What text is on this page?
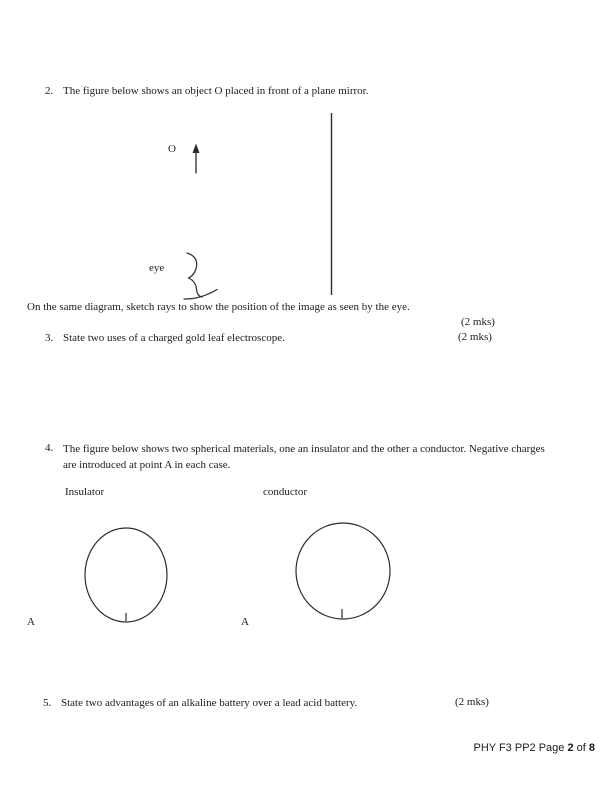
2. The figure below shows an object O placed in front of a plane mirror.
O
eye
On the same diagram, sketch rays to show the position of the image as seen by the eye.
(2 mks)
3. State two uses of a charged gold leaf electroscope.	(2 mks)
4. The figure below shows two spherical materials, one an insulator and the other a conductor. Negative charges
are introduced at point A in each case.
Insulator	conductor
A	A
5. State two advantages of an alkaline battery over a lead acid battery.	(2 mks)
PHY F3 PP2 Page 2 of 8
